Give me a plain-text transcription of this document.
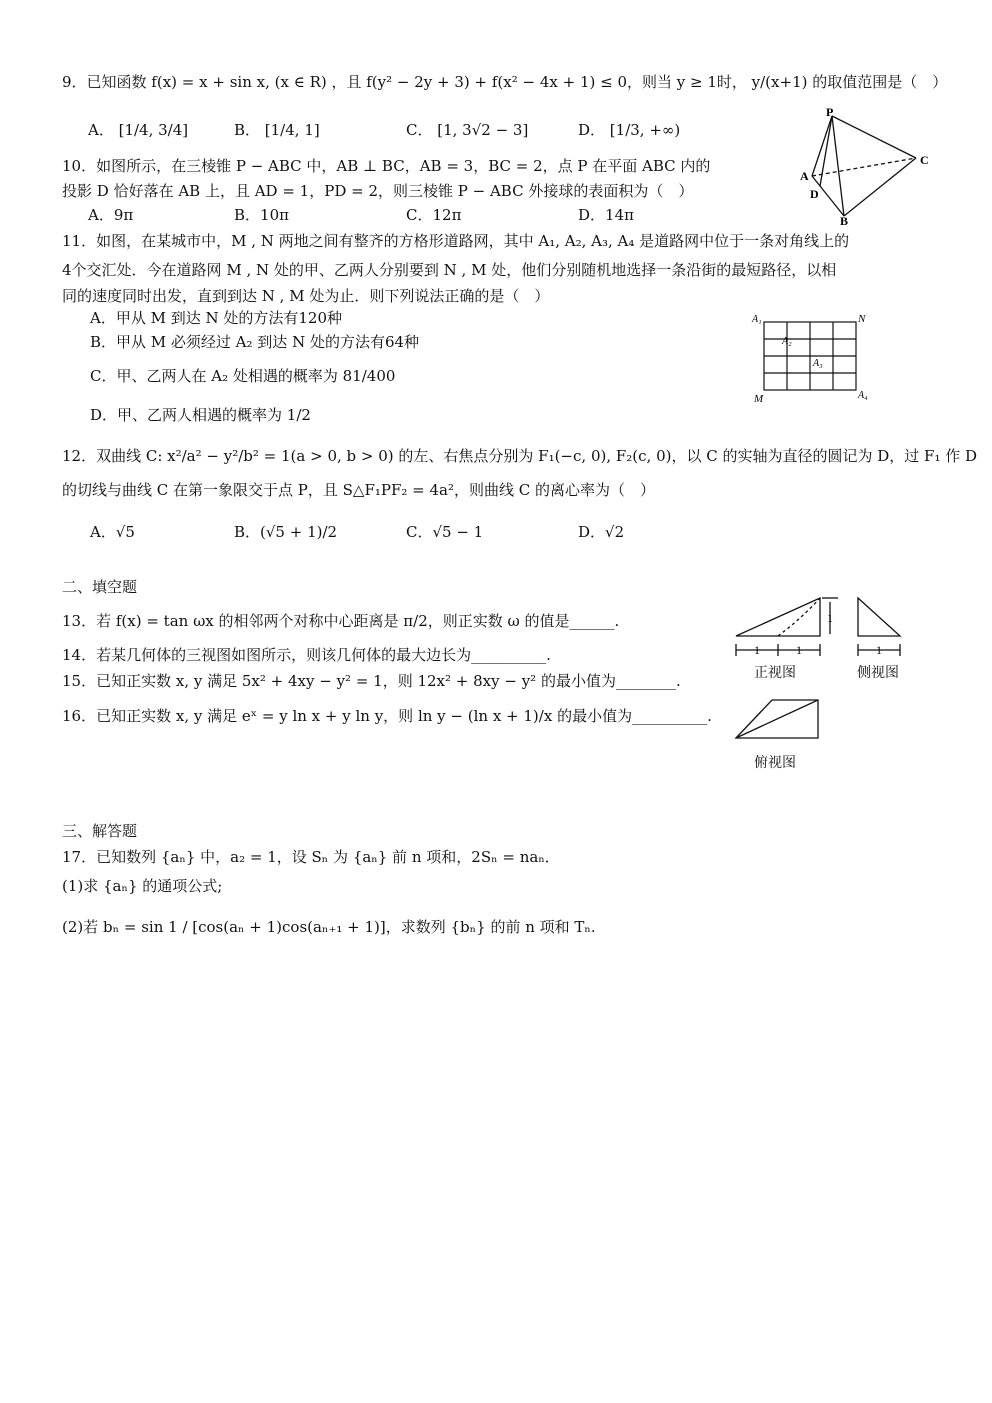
9．已知函数 f(x) = x + sin x, (x ∈ R) ，且 f(y² − 2y + 3) + f(x² − 4x + 1) ≤ 0，则当 y ≥ 1时， y/(x+1) 的取值范围是（　）
A． [1/4, 3/4]	B． [1/4, 1]	C． [1, 3√2 − 3]	D． [1/3, +∞)
10．如图所示，在三棱锥 P − ABC 中，AB ⊥ BC，AB = 3，BC = 2，点 P 在平面 ABC 内的
投影 D 恰好落在 AB 上，且 AD = 1，PD = 2，则三棱锥 P − ABC 外接球的表面积为（　）
A．9π	B．10π	C．12π	D．14π
P
C
A
D
B
11．如图，在某城市中，M , N 两地之间有整齐的方格形道路网，其中 A₁, A₂, A₃, A₄ 是道路网中位于一条对角线上的
4个交汇处．今在道路网 M , N 处的甲、乙两人分别要到 N , M 处，他们分别随机地选择一条沿街的最短路径，以相
同的速度同时出发，直到到达 N , M 处为止．则下列说法正确的是（　）
A．甲从 M 到达 N 处的方法有120种
B．甲从 M 必须经过 A₂ 到达 N 处的方法有64种
C．甲、乙两人在 A₂ 处相遇的概率为 81/400
D．甲、乙两人相遇的概率为 1/2
A₁	N
A₂
A₃
M	A₄
12．双曲线 C: x²/a² − y²/b² = 1(a > 0, b > 0) 的左、右焦点分别为 F₁(−c, 0), F₂(c, 0)，以 C 的实轴为直径的圆记为 D，过 F₁ 作 D
的切线与曲线 C 在第一象限交于点 P，且 S△F₁PF₂ = 4a²，则曲线 C 的离心率为（　）
A．√5	B．(√5 + 1)/2	C．√5 − 1	D．√2
二、填空题
13．若 f(x) = tan ωx 的相邻两个对称中心距离是 π/2，则正实数 ω 的值是______.
14．若某几何体的三视图如图所示，则该几何体的最大边长为__________.
15．已知正实数 x, y 满足 5x² + 4xy − y² = 1，则 12x² + 8xy − y² 的最小值为________.
16．已知正实数 x, y 满足 eˣ = y ln x + y ln y，则 ln y − (ln x + 1)/x 的最小值为__________.
1
1	1	1
正视图	侧视图
俯视图
三、解答题
17．已知数列 {aₙ} 中，a₂ = 1，设 Sₙ 为 {aₙ} 前 n 项和，2Sₙ = naₙ．
(1)求 {aₙ} 的通项公式;
(2)若 bₙ = sin 1 / [cos(aₙ + 1)cos(aₙ₊₁ + 1)]，求数列 {bₙ} 的前 n 项和 Tₙ.
